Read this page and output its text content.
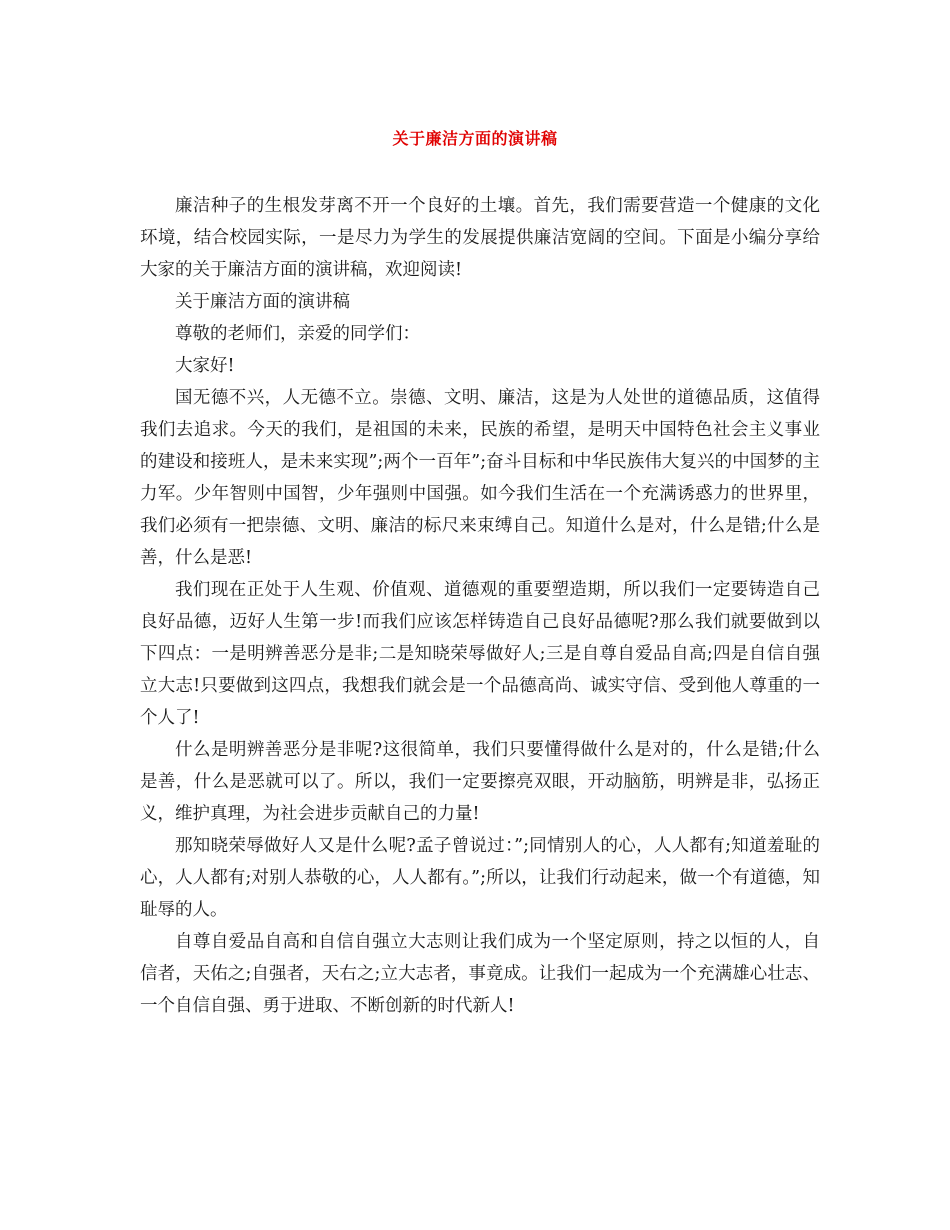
关于廉洁方面的演讲稿

廉洁种子的生根发芽离不开一个良好的土壤。首先，我们需要营造一个健康的文化环境，结合校园实际，一是尽力为学生的发展提供廉洁宽阔的空间。下面是小编分享给大家的关于廉洁方面的演讲稿，欢迎阅读!

关于廉洁方面的演讲稿

尊敬的老师们，亲爱的同学们：

大家好!

国无德不兴，人无德不立。崇德、文明、廉洁，这是为人处世的道德品质，这值得我们去追求。今天的我们，是祖国的未来，民族的希望，是明天中国特色社会主义事业的建设和接班人，是未来实现”;两个一百年”;奋斗目标和中华民族伟大复兴的中国梦的主力军。少年智则中国智，少年强则中国强。如今我们生活在一个充满诱惑力的世界里，我们必须有一把崇德、文明、廉洁的标尺来束缚自己。知道什么是对，什么是错;什么是善，什么是恶!

我们现在正处于人生观、价值观、道德观的重要塑造期，所以我们一定要铸造自己良好品德，迈好人生第一步!而我们应该怎样铸造自己良好品德呢?那么我们就要做到以下四点：一是明辨善恶分是非;二是知晓荣辱做好人;三是自尊自爱品自高;四是自信自强立大志!只要做到这四点，我想我们就会是一个品德高尚、诚实守信、受到他人尊重的一个人了!

什么是明辨善恶分是非呢?这很简单，我们只要懂得做什么是对的，什么是错;什么是善，什么是恶就可以了。所以，我们一定要擦亮双眼，开动脑筋，明辨是非，弘扬正义，维护真理，为社会进步贡献自己的力量!

那知晓荣辱做好人又是什么呢?孟子曾说过：”;同情别人的心，人人都有;知道羞耻的心，人人都有;对别人恭敬的心，人人都有。”;所以，让我们行动起来，做一个有道德，知耻辱的人。

自尊自爱品自高和自信自强立大志则让我们成为一个坚定原则，持之以恒的人，自信者，天佑之;自强者，天右之;立大志者，事竟成。让我们一起成为一个充满雄心壮志、一个自信自强、勇于进取、不断创新的时代新人!
